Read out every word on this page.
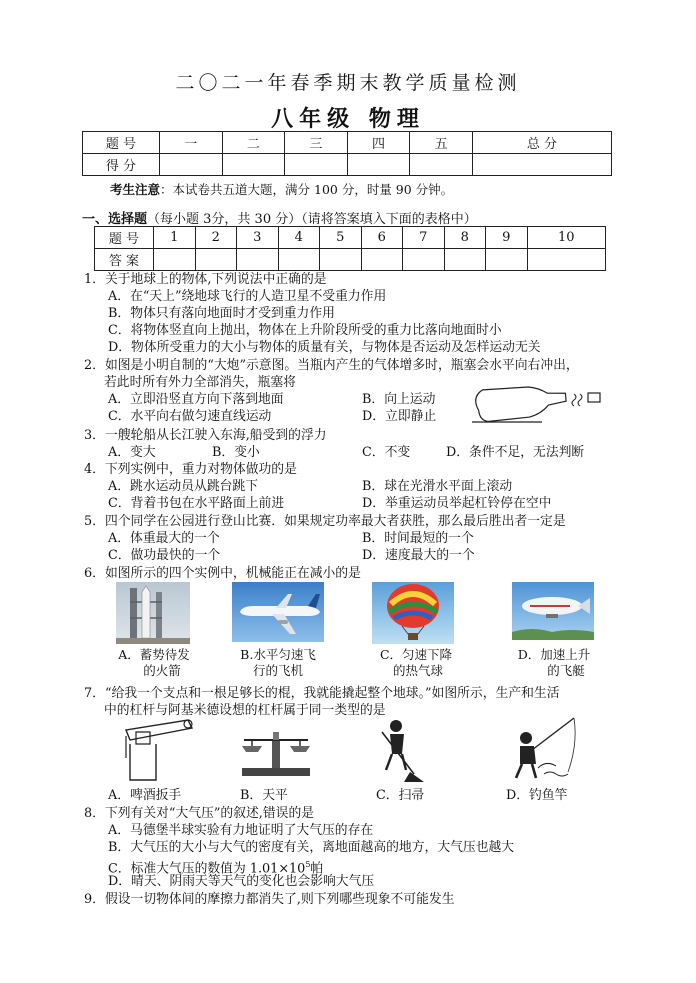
二〇二一年春季期末教学质量检测
八年级 物理
题 号	一	二	三	四	五	总 分
得 分						
考生注意：本试卷共五道大题，满分 100 分，时量 90 分钟。
一、选择题（每小题 3分，共 30 分）（请将答案填入下面的表格中）
题 号	1	2	3	4	5	6	7	8	9	10
答 案										
1．关于地球上的物体,下列说法中正确的是
A．在“天上”绕地球飞行的人造卫星不受重力作用
B．物体只有落向地面时才受到重力作用
C．将物体竖直向上抛出，物体在上升阶段所受的重力比落向地面时小
D．物体所受重力的大小与物体的质量有关，与物体是否运动及怎样运动无关
2．如图是小明自制的“大炮”示意图。当瓶内产生的气体增多时，瓶塞会水平向右冲出，
若此时所有外力全部消失，瓶塞将
A．立即沿竖直方向下落到地面	B．向上运动
C．水平向右做匀速直线运动	D．立即静止
3．一艘轮船从长江驶入东海,船受到的浮力
A．变大	B．变小	C．不变	D．条件不足，无法判断
4．下列实例中，重力对物体做功的是
A．跳水运动员从跳台跳下	B．球在光滑水平面上滚动
C．背着书包在水平路面上前进	D．举重运动员举起杠铃停在空中
5．四个同学在公园进行登山比赛．如果规定功率最大者获胜，那么最后胜出者一定是
A．体重最大的一个	B．时间最短的一个
C．做功最快的一个	D．速度最大的一个
6．如图所示的四个实例中，机械能正在减小的是
A．蓄势待发
的火箭
B.水平匀速飞
行的飞机
C．匀速下降
的热气球
D．加速上升
的飞艇
7．“给我一个支点和一根足够长的棍，我就能撬起整个地球。”如图所示，生产和生活
中的杠杆与阿基米德设想的杠杆属于同一类型的是
A．啤酒扳手	B．天平	C．扫帚	D．钓鱼竿
8．下列有关对“大气压”的叙述,错误的是
A．马德堡半球实验有力地证明了大气压的存在
B．大气压的大小与大气的密度有关，离地面越高的地方，大气压也越大
C．标准大气压的数值为 $1.01\times 10^5$帕
D．晴天、阴雨天等天气的变化也会影响大气压
9．假设一切物体间的摩擦力都消失了,则下列哪些现象不可能发生
